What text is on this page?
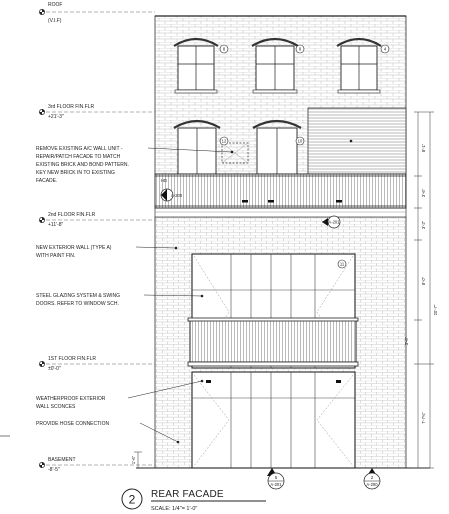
ROOF
(V.I.F)
3rd FLOOR FIN.FLR
+21'-3"
2nd FLOOR FIN.FLR
+11'-8"
1ST FLOOR FIN.FLR
±0'-0"
BASEMENT
-8'-5"
REMOVE EXISTING A/C WALL UNIT -
REPAIR/PATCH FACADE TO MATCH
EXISTING BRICK AND BOND PATTERN.
KEY NEW BRICK IN TO EXISTING
FACADE.
NEW EXTERIOR WALL (TYPE A)
WITH PAINT FIN.
STEEL GLAZING SYSTEM & SWING
DOORS. REFER TO WINDOW SCH.
WEATHERPROOF EXTERIOR
WALL SCONCES
PROVIDE HOSE CONNECTION
8	9	4
12	10
11
A-200
HD
A-201
8'-1"
3'-6"
3'-2"
8'-0"
3'-6"
20'-7"
7'-7¾"
1'-6"
5
A-201
2
A-200
2 REAR FACADE
SCALE: 1/4"= 1'-0"
